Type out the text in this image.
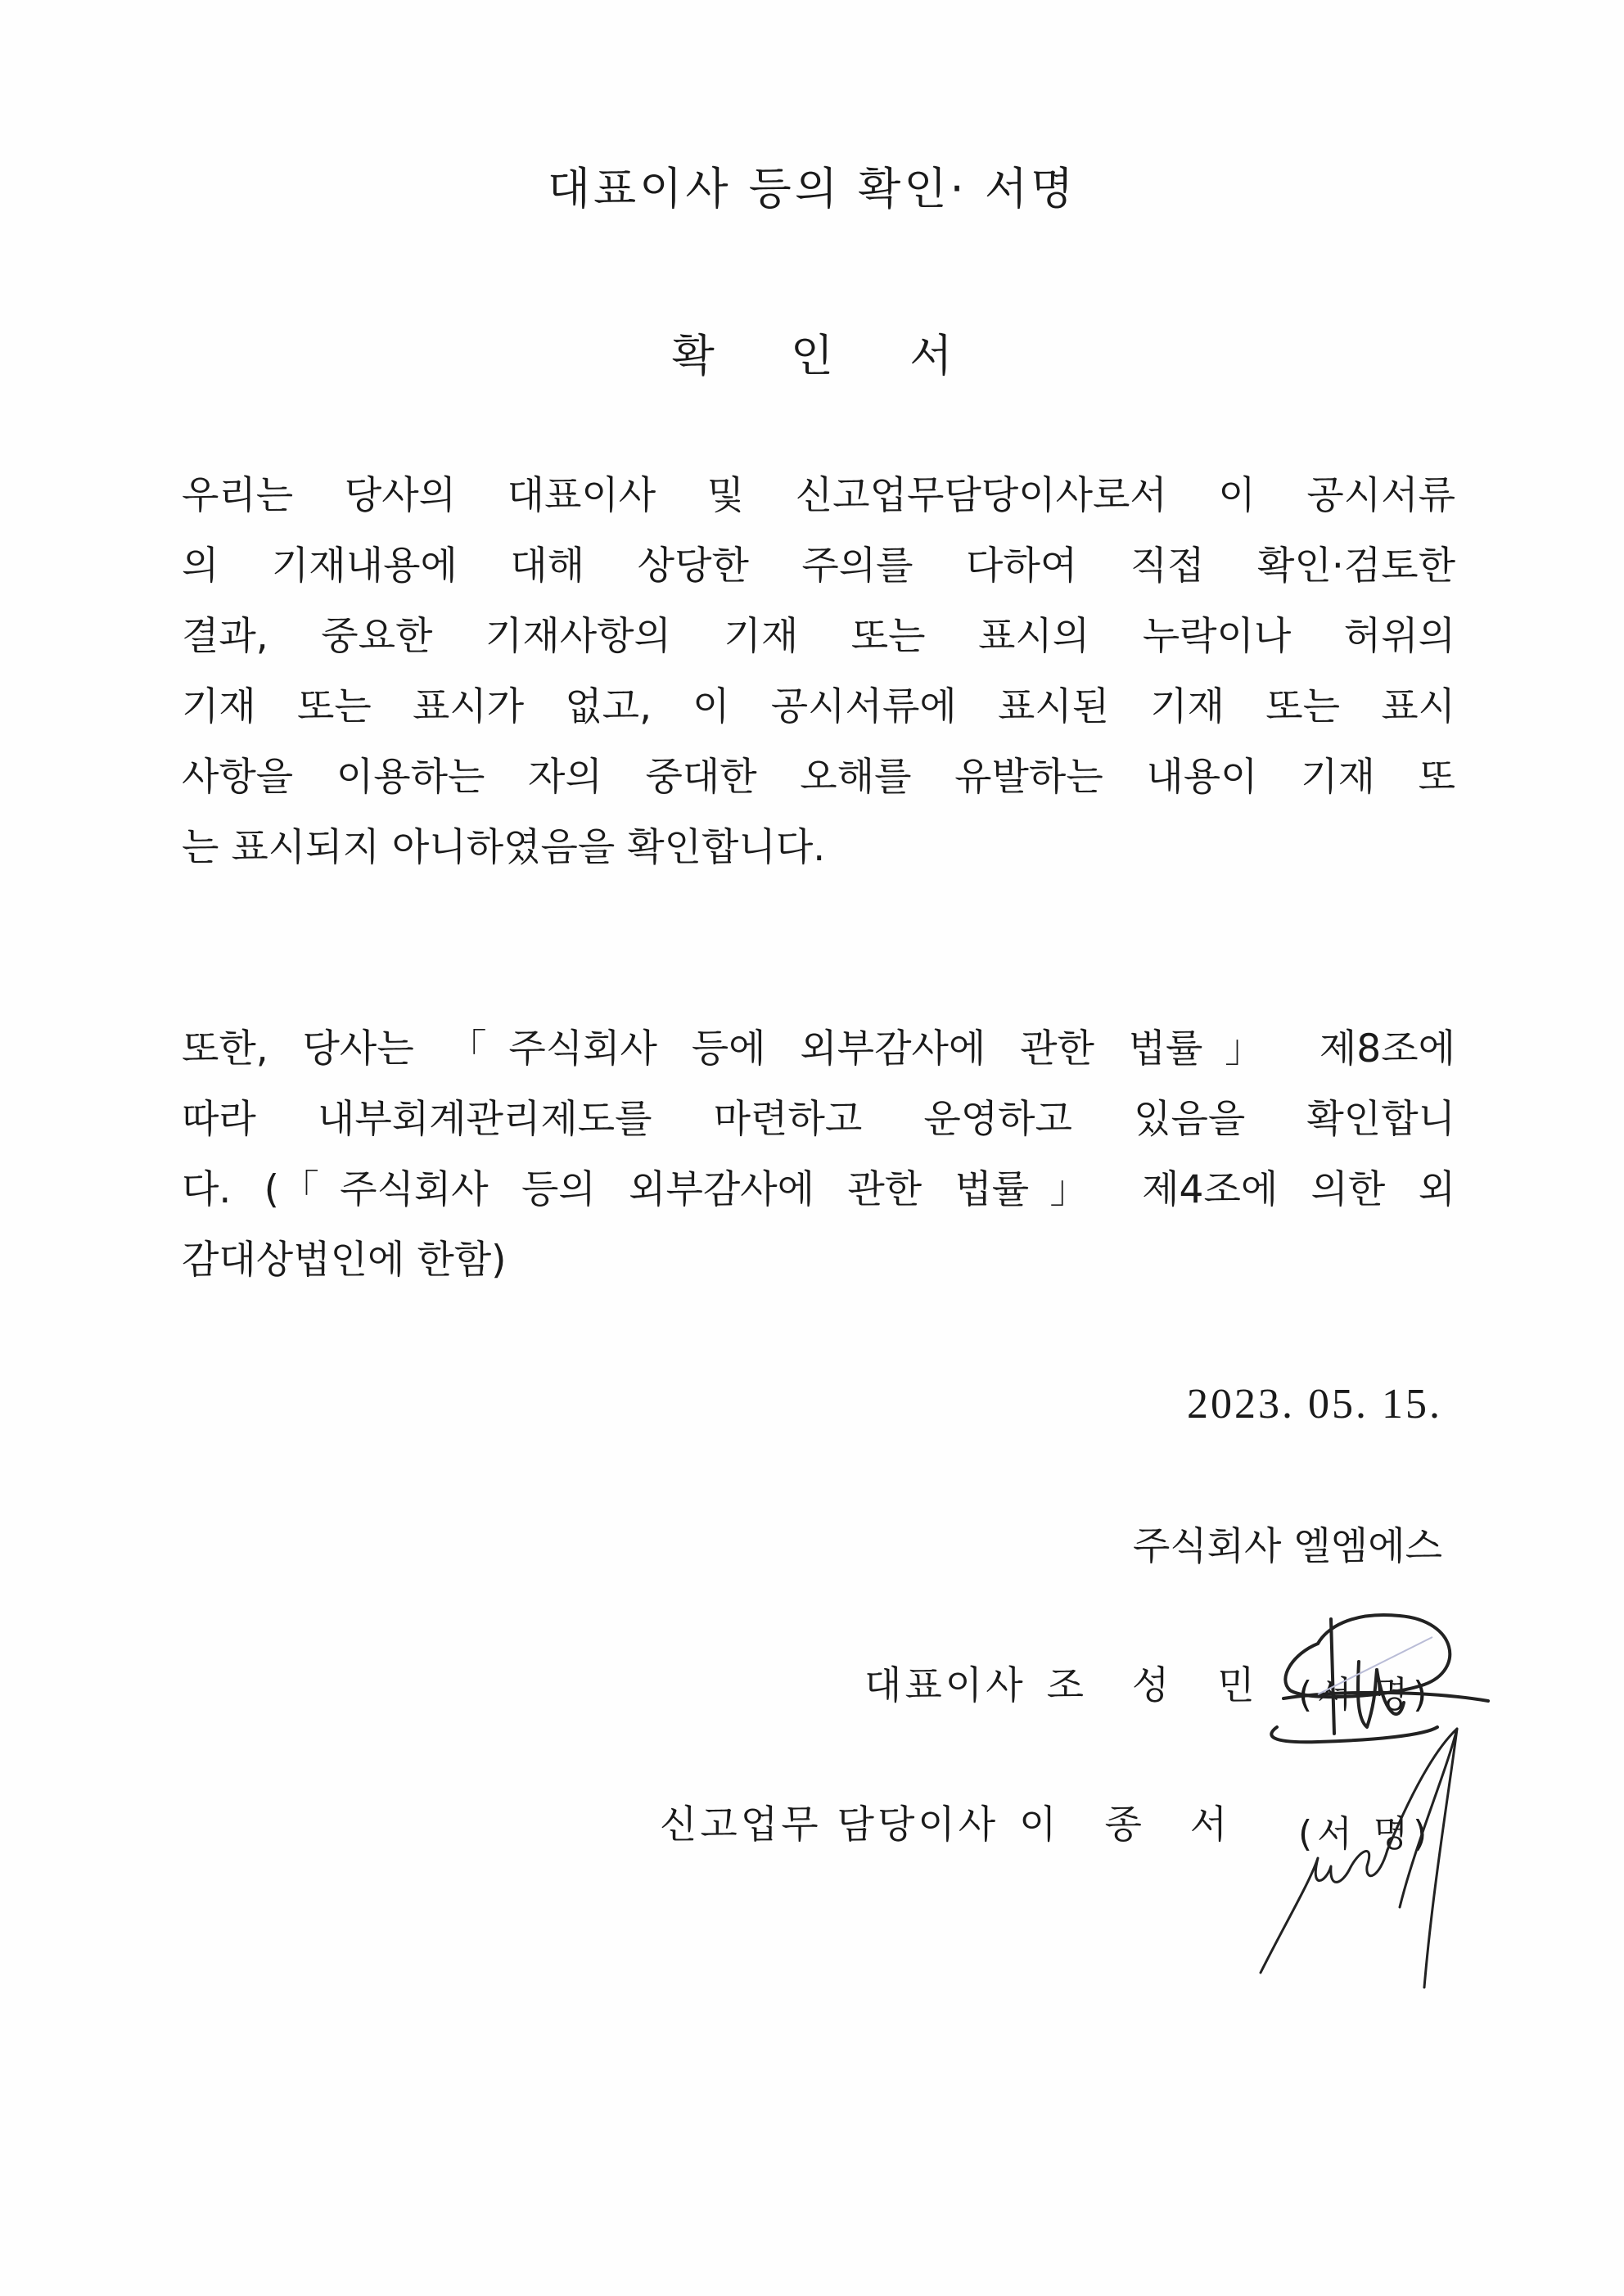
대표이사 등의 확인· 서명
확 인 서
우리는 당사의 대표이사 및 신고업무담당이사로서 이 공시서류
의 기재내용에 대해 상당한 주의를 다하여 직접 확인·검토한
결과, 중요한 기재사항의 기재 또는 표시의 누락이나 허위의
기재 또는 표시가 없고, 이 공시서류에 표시된 기재 또는 표시
사항을 이용하는 자의 중대한 오해를 유발하는 내용이 기재 또
는 표시되지 아니하였음을 확인합니다.
또한, 당사는 「주식회사 등에 외부감사에 관한 법률」 제8조에
따라 내부회계관리제도를 마련하고 운영하고 있음을 확인합니
다. (「주식회사 등의 외부감사에 관한 법률」 제4조에 의한 외
감대상법인에 한함)
2023. 05. 15.
주식회사 엘엠에스
대표이사 조 성 민 (서 명)
신고업무 담당이사 이 종 서 (서 명)
